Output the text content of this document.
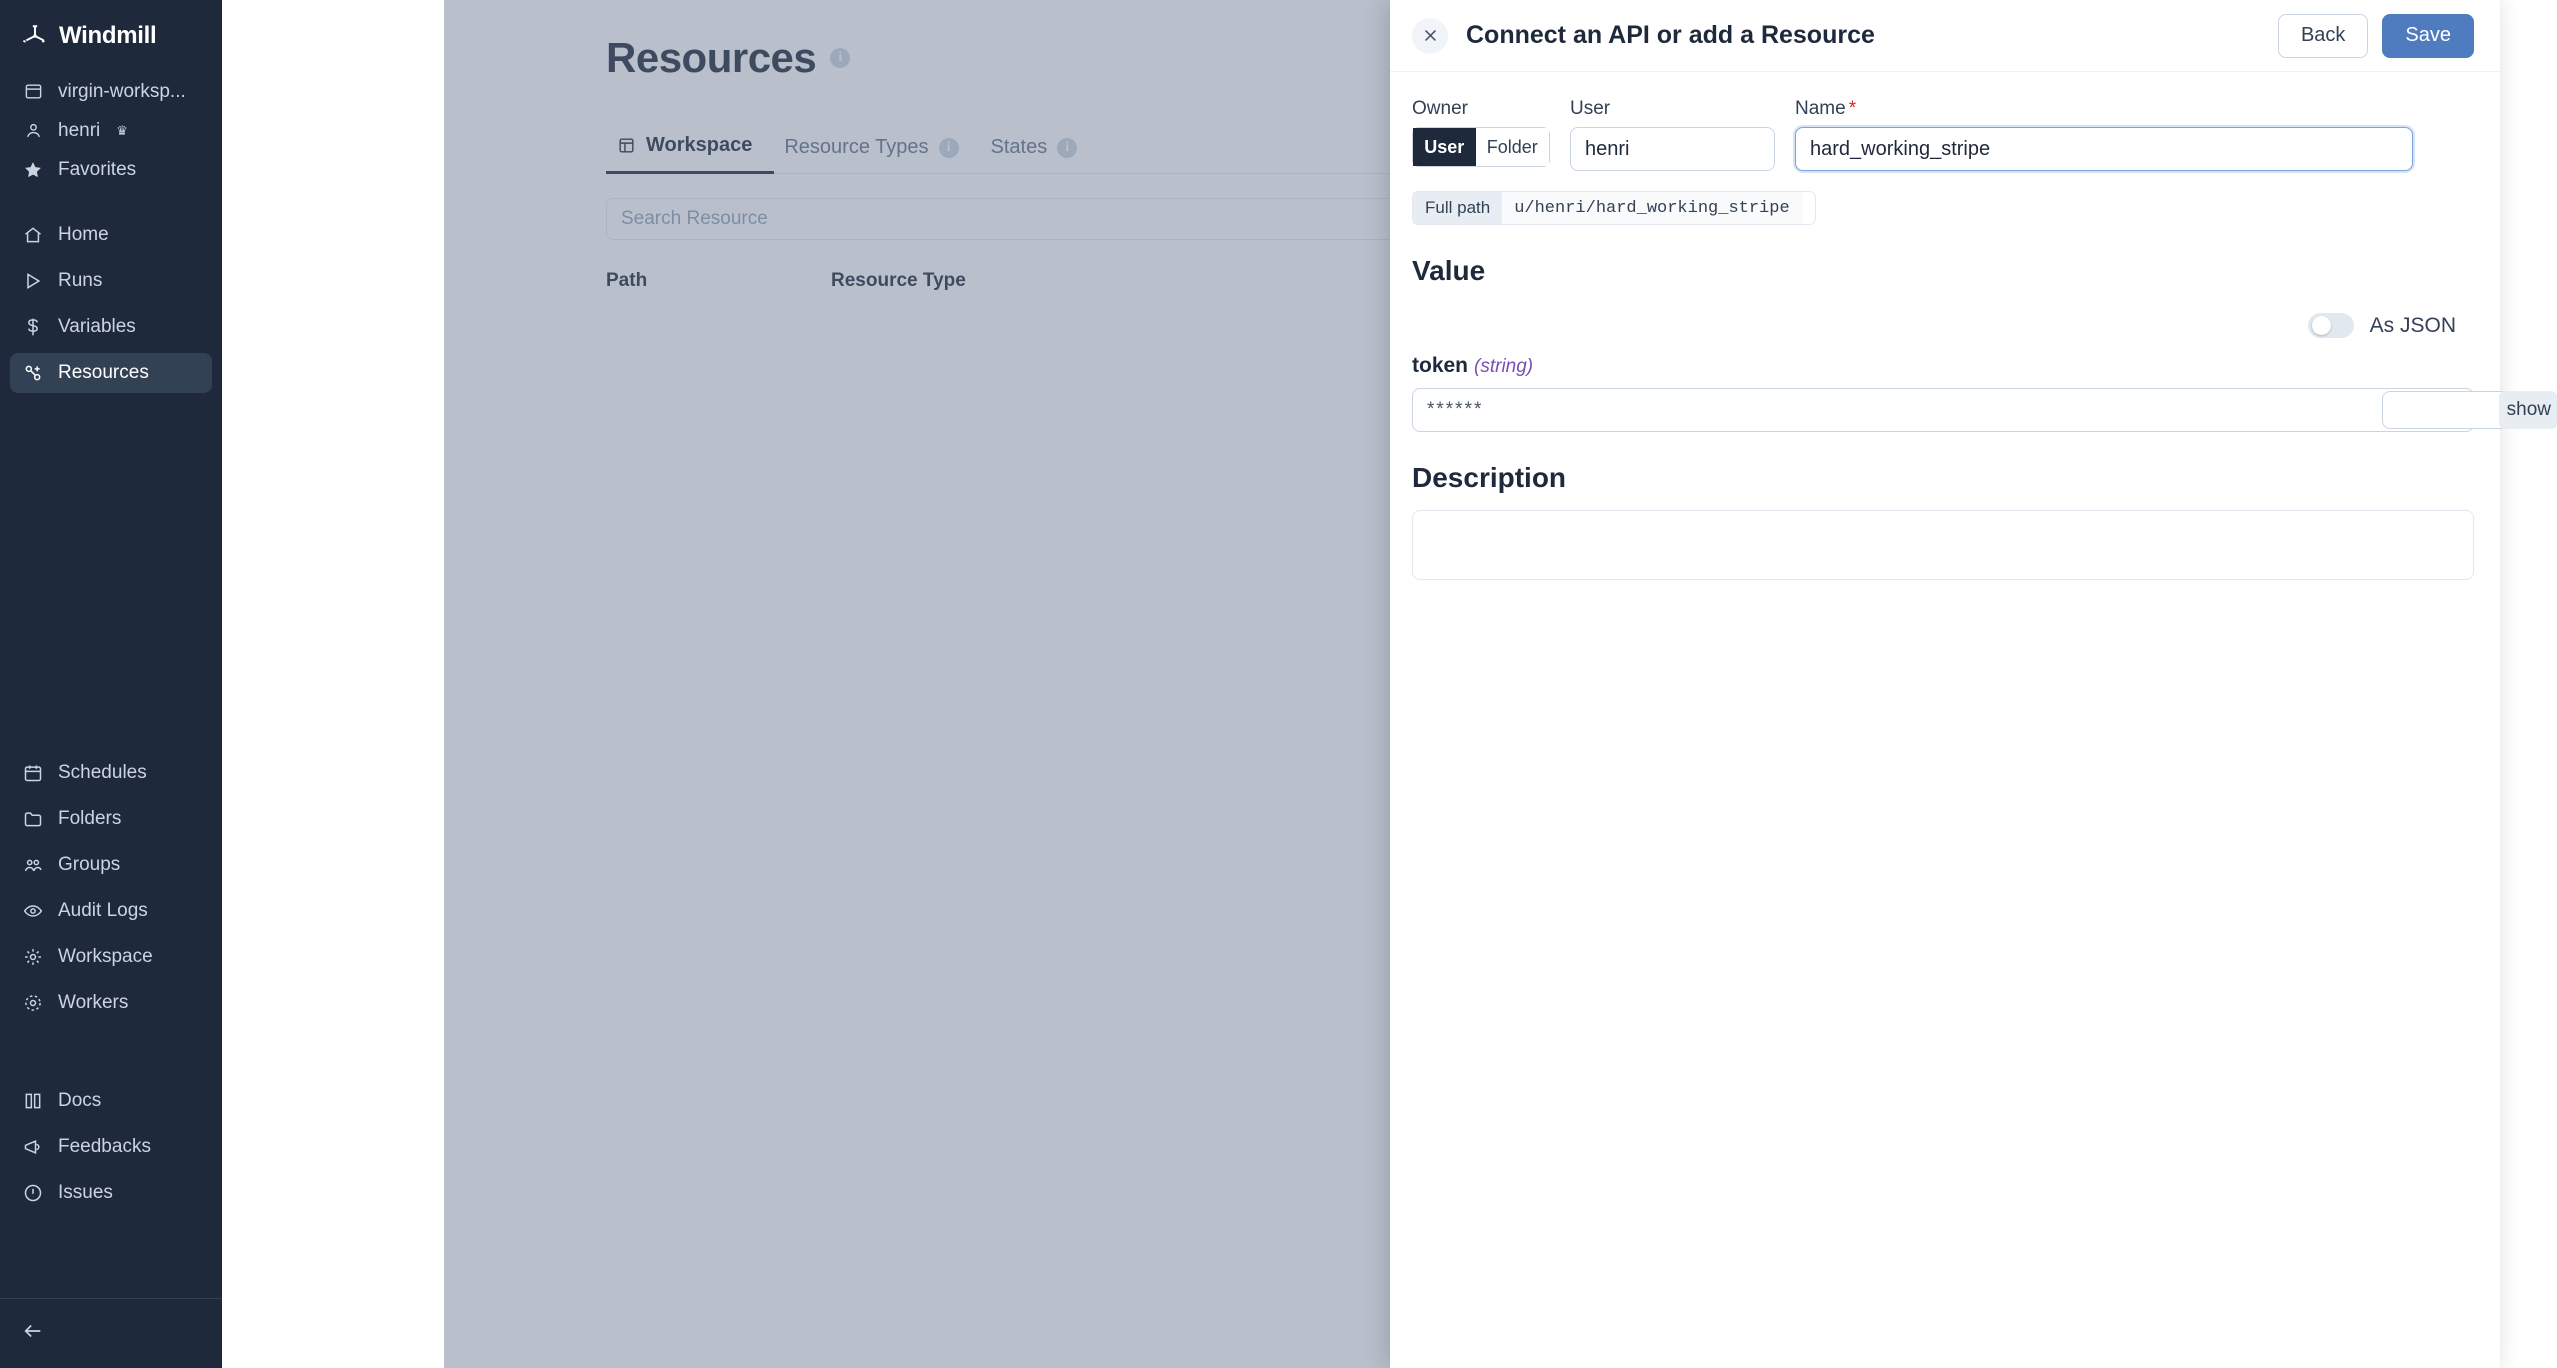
Windmill
virgin-worksp...
henri ♛
Favorites
Home
Runs
Variables
Resources
Schedules
Folders
Groups
Audit Logs
Workspace
Workers
Docs
Feedbacks
Issues
Resources	i
Workspace Resource Types	i	States	i
Search Resource
Path	Resource Type
Connect an API or add a Resource	Back	Save
Owner
User	Folder
User
henri
Name *
hard_working_stripe
Full path	u/henri/hard_working_stripe
Value
As JSON
token (string)
******	show
Description
